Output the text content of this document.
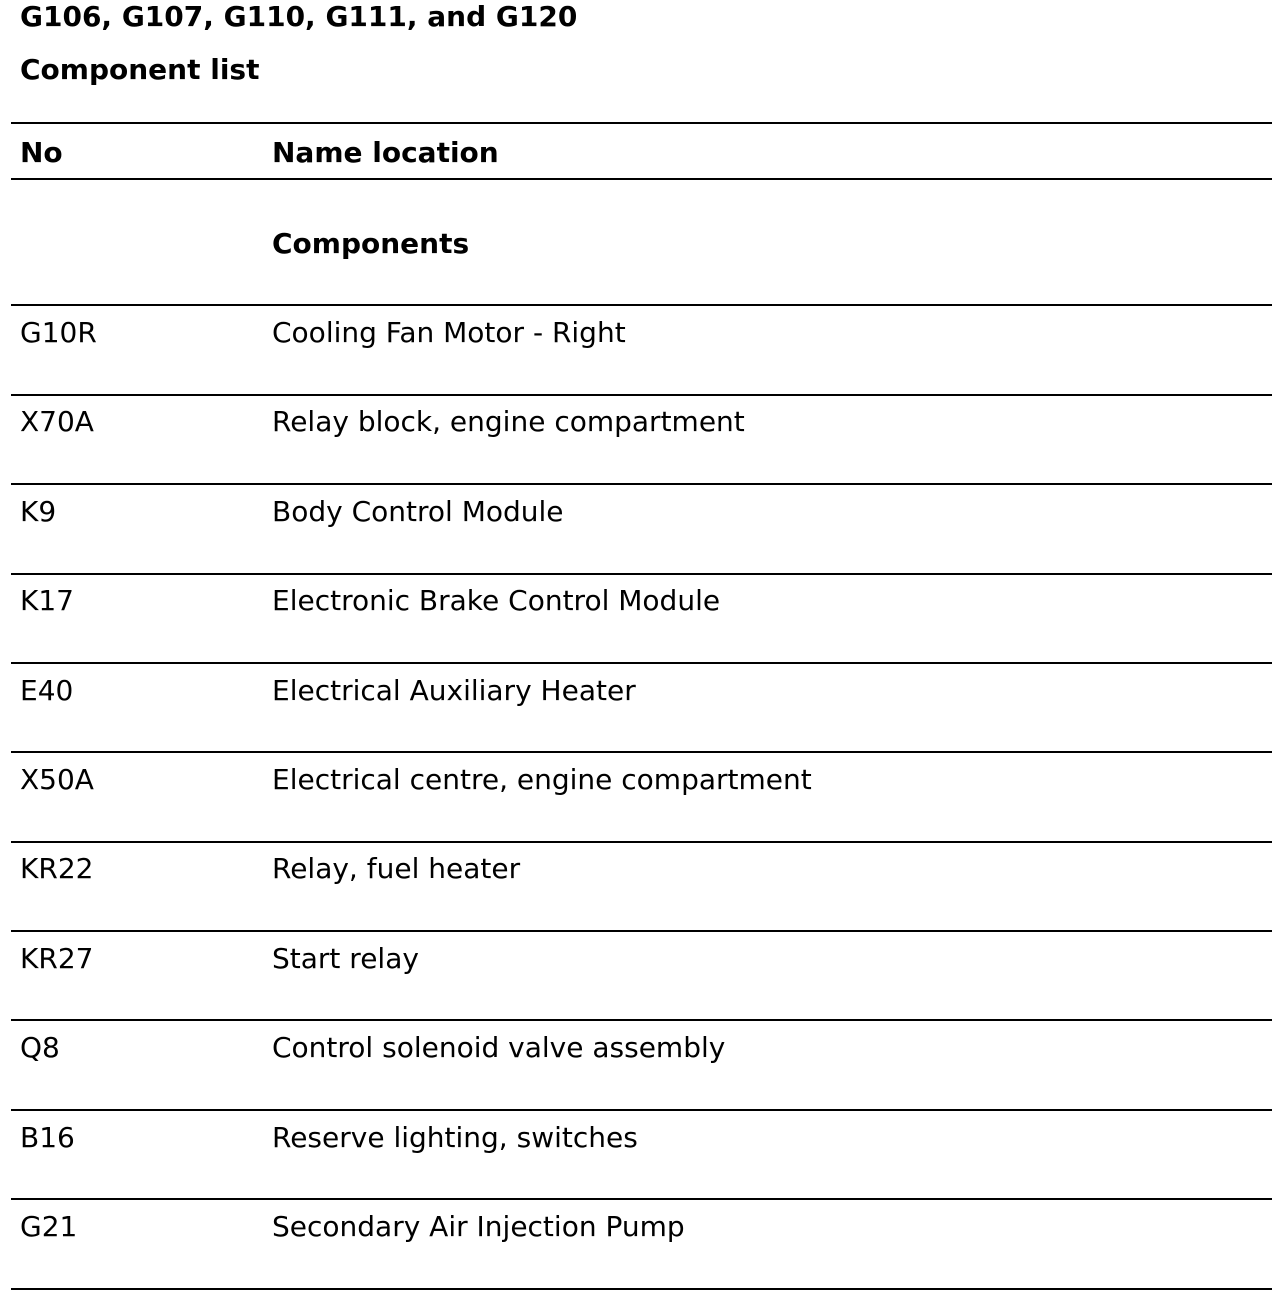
G106, G107, G110, G111, and G120
Component list
No	Name location
Components
G10R	Cooling Fan Motor - Right
X70A	Relay block, engine compartment
K9	Body Control Module
K17	Electronic Brake Control Module
E40	Electrical Auxiliary Heater
X50A	Electrical centre, engine compartment
KR22	Relay, fuel heater
KR27	Start relay
Q8	Control solenoid valve assembly
B16	Reserve lighting, switches
G21	Secondary Air Injection Pump
